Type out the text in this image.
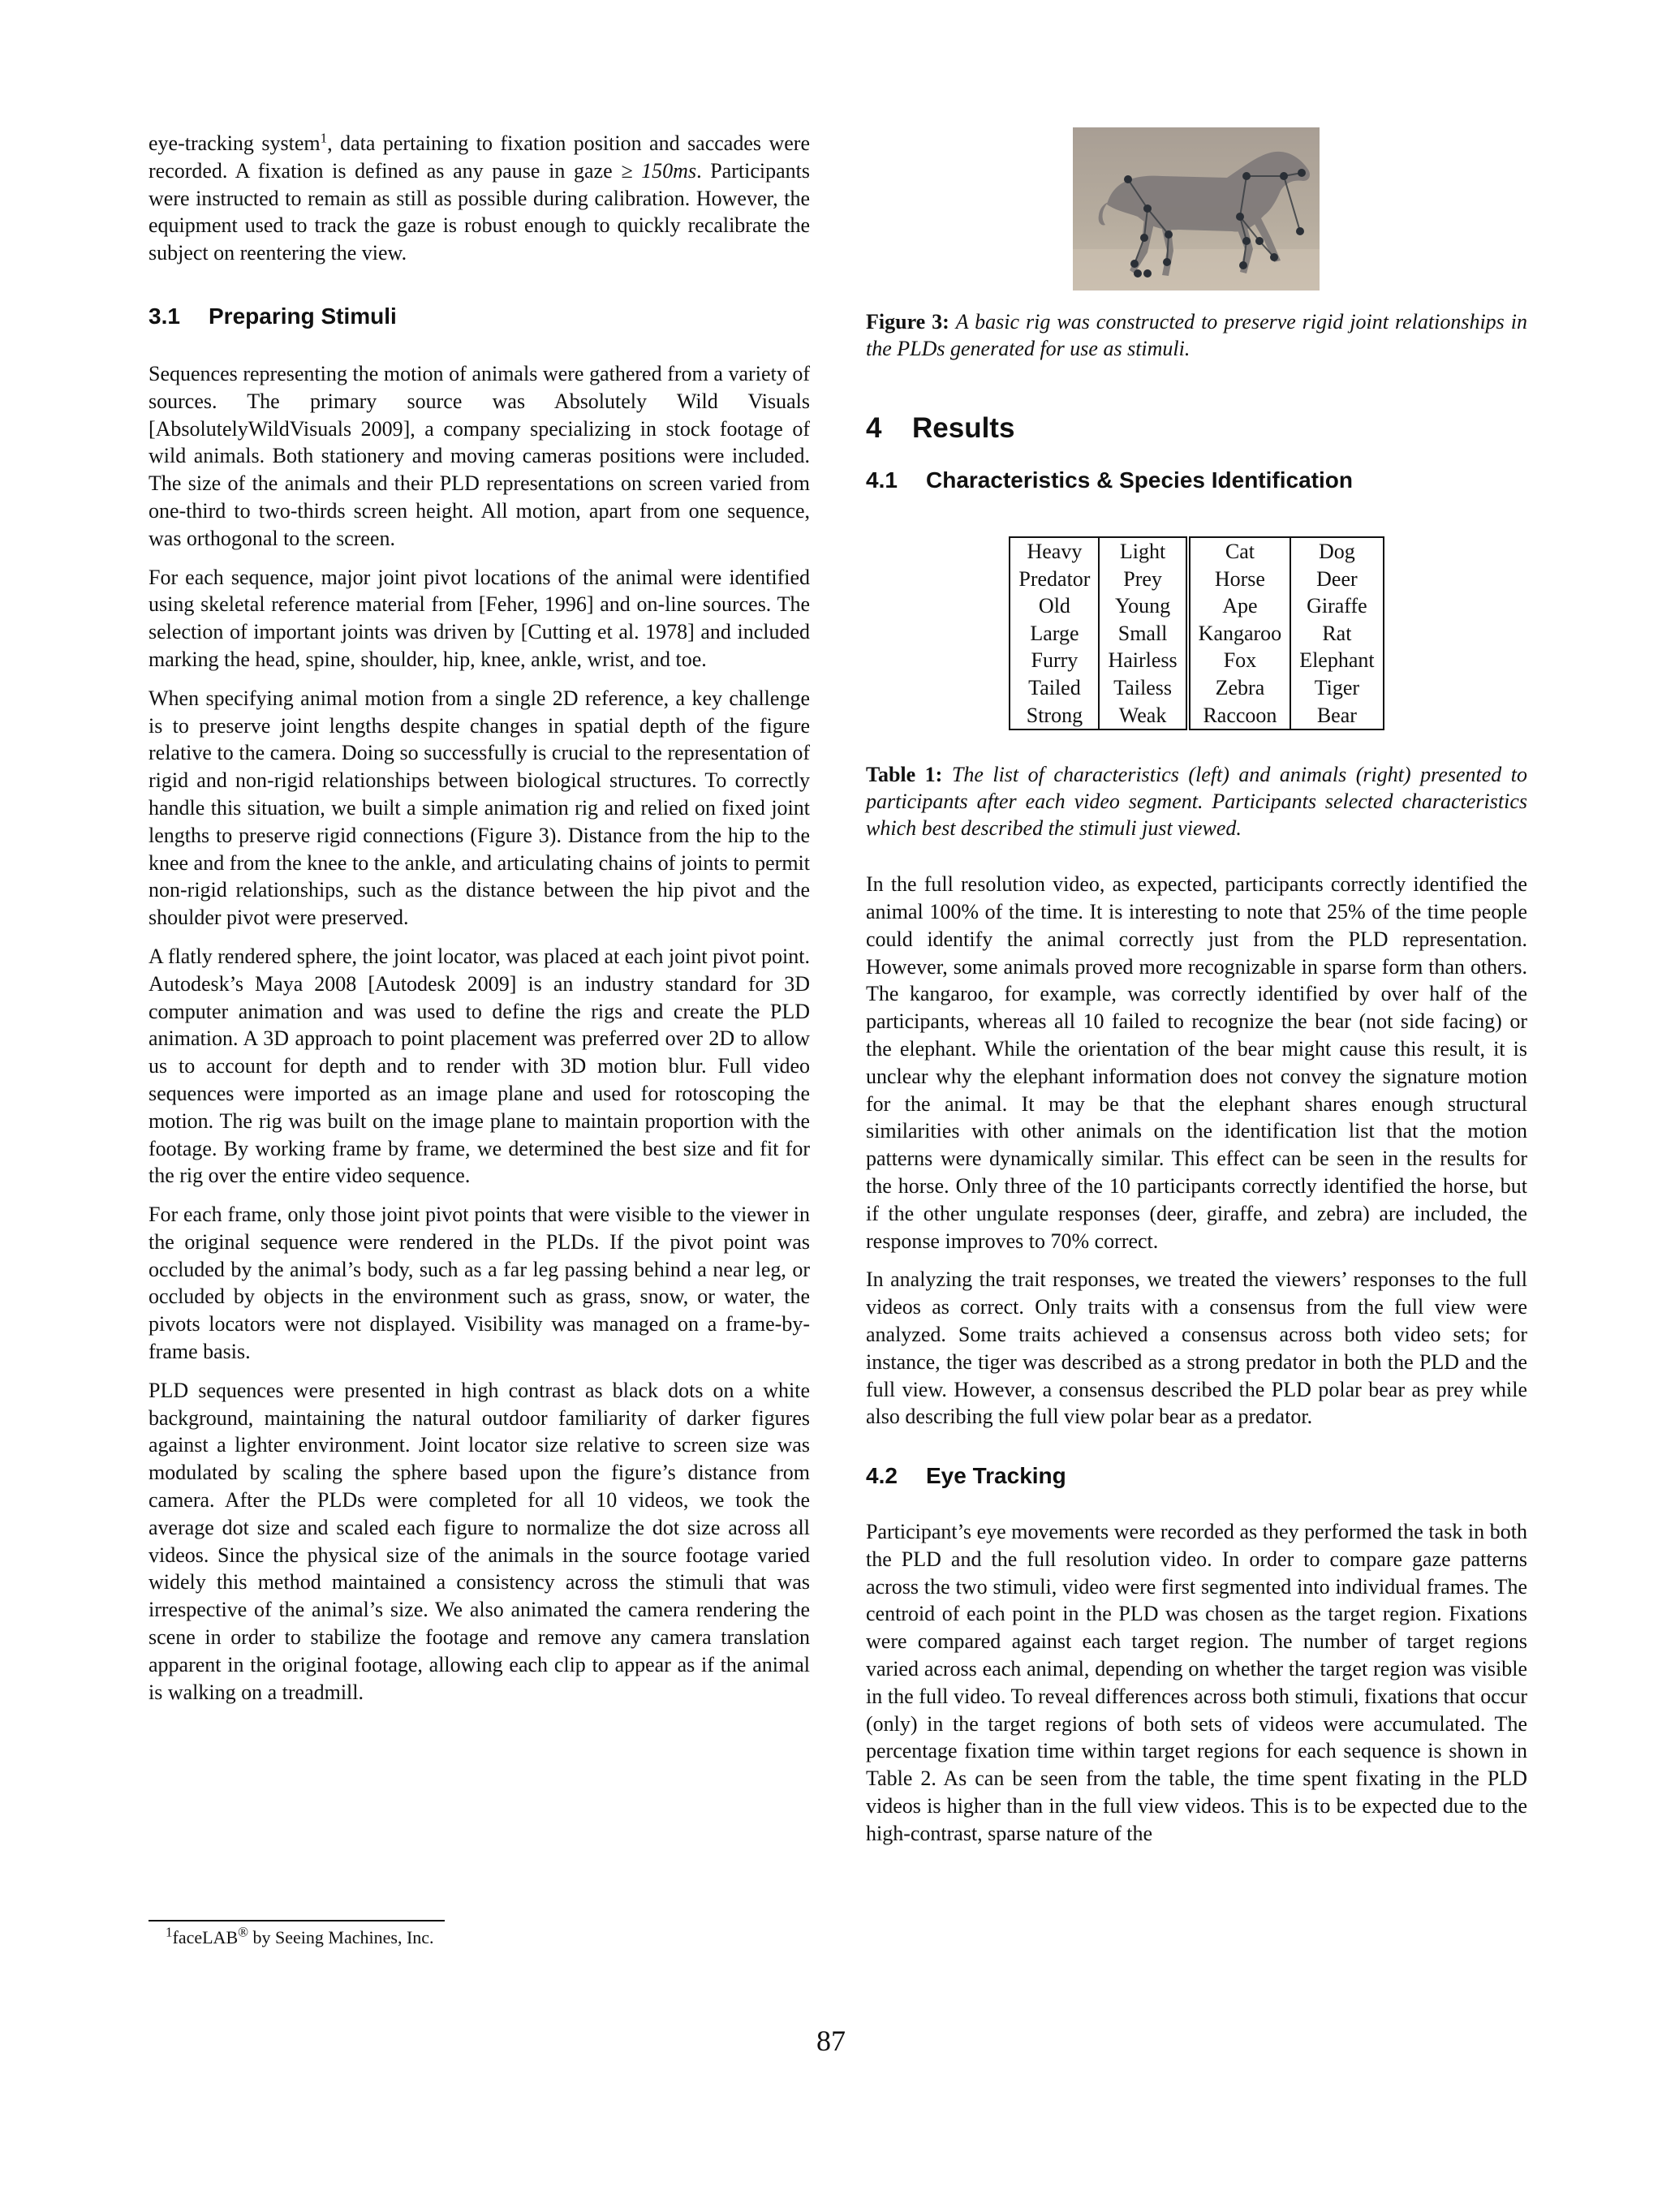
eye-tracking system$^1$, data pertaining to fixation position and saccades were recorded. A fixation is defined as any pause in gaze ≥ 150ms. Participants were instructed to remain as still as possible during calibration. However, the equipment used to track the gaze is robust enough to quickly recalibrate the subject on reentering the view.

3.1 Preparing Stimuli

Sequences representing the motion of animals were gathered from a variety of sources. The primary source was Absolutely Wild Visuals [AbsolutelyWildVisuals 2009], a company specializing in stock footage of wild animals. Both stationery and moving cameras positions were included. The size of the animals and their PLD representations on screen varied from one-third to two-thirds screen height. All motion, apart from one sequence, was orthogonal to the screen.

For each sequence, major joint pivot locations of the animal were identified using skeletal reference material from [Feher, 1996] and on-line sources. The selection of important joints was driven by [Cutting et al. 1978] and included marking the head, spine, shoulder, hip, knee, ankle, wrist, and toe.

When specifying animal motion from a single 2D reference, a key challenge is to preserve joint lengths despite changes in spatial depth of the figure relative to the camera. Doing so successfully is crucial to the representation of rigid and non-rigid relationships between biological structures. To correctly handle this situation, we built a simple animation rig and relied on fixed joint lengths to preserve rigid connections (Figure 3). Distance from the hip to the knee and from the knee to the ankle, and articulating chains of joints to permit non-rigid relationships, such as the distance between the hip pivot and the shoulder pivot were preserved.

A flatly rendered sphere, the joint locator, was placed at each joint pivot point. Autodesk’s Maya 2008 [Autodesk 2009] is an industry standard for 3D computer animation and was used to define the rigs and create the PLD animation. A 3D approach to point placement was preferred over 2D to allow us to account for depth and to render with 3D motion blur. Full video sequences were imported as an image plane and used for rotoscoping the motion. The rig was built on the image plane to maintain proportion with the footage. By working frame by frame, we determined the best size and fit for the rig over the entire video sequence.

For each frame, only those joint pivot points that were visible to the viewer in the original sequence were rendered in the PLDs. If the pivot point was occluded by the animal’s body, such as a far leg passing behind a near leg, or occluded by objects in the environment such as grass, snow, or water, the pivots locators were not displayed. Visibility was managed on a frame-by-frame basis.

PLD sequences were presented in high contrast as black dots on a white background, maintaining the natural outdoor familiarity of darker figures against a lighter environment. Joint locator size relative to screen size was modulated by scaling the sphere based upon the figure’s distance from camera. After the PLDs were completed for all 10 videos, we took the average dot size and scaled each figure to normalize the dot size across all videos. Since the physical size of the animals in the source footage varied widely this method maintained a consistency across the stimuli that was irrespective of the animal’s size. We also animated the camera rendering the scene in order to stabilize the footage and remove any camera translation apparent in the original footage, allowing each clip to appear as if the animal is walking on a treadmill.

$^1$faceLAB® by Seeing Machines, Inc.
Figure 3: A basic rig was constructed to preserve rigid joint relationships in the PLDs generated for use as stimuli.
4 Results
4.1 Characteristics & Species Identification
Heavy	Light	Cat	Dog
Predator	Prey	Horse	Deer
Old	Young	Ape	Giraffe
Large	Small	Kangaroo	Rat
Furry	Hairless	Fox	Elephant
Tailed	Tailess	Zebra	Tiger
Strong	Weak	Raccoon	Bear
Table 1: The list of characteristics (left) and animals (right) presented to participants after each video segment. Participants selected characteristics which best described the stimuli just viewed.

In the full resolution video, as expected, participants correctly identified the animal 100% of the time. It is interesting to note that 25% of the time people could identify the animal correctly just from the PLD representation. However, some animals proved more recognizable in sparse form than others. The kangaroo, for example, was correctly identified by over half of the participants, whereas all 10 failed to recognize the bear (not side facing) or the elephant. While the orientation of the bear might cause this result, it is unclear why the elephant information does not convey the signature motion for the animal. It may be that the elephant shares enough structural similarities with other animals on the identification list that the motion patterns were dynamically similar. This effect can be seen in the results for the horse. Only three of the 10 participants correctly identified the horse, but if the other ungulate responses (deer, giraffe, and zebra) are included, the response improves to 70% correct.

In analyzing the trait responses, we treated the viewers’ responses to the full videos as correct. Only traits with a consensus from the full view were analyzed. Some traits achieved a consensus across both video sets; for instance, the tiger was described as a strong predator in both the PLD and the full view. However, a consensus described the PLD polar bear as prey while also describing the full view polar bear as a predator.

4.2 Eye Tracking

Participant’s eye movements were recorded as they performed the task in both the PLD and the full resolution video. In order to compare gaze patterns across the two stimuli, video were first segmented into individual frames. The centroid of each point in the PLD was chosen as the target region. Fixations were compared against each target region. The number of target regions varied across each animal, depending on whether the target region was visible in the full video. To reveal differences across both stimuli, fixations that occur (only) in the target regions of both sets of videos were accumulated. The percentage fixation time within target regions for each sequence is shown in Table 2. As can be seen from the table, the time spent fixating in the PLD videos is higher than in the full view videos. This is to be expected due to the high-contrast, sparse nature of the

87
